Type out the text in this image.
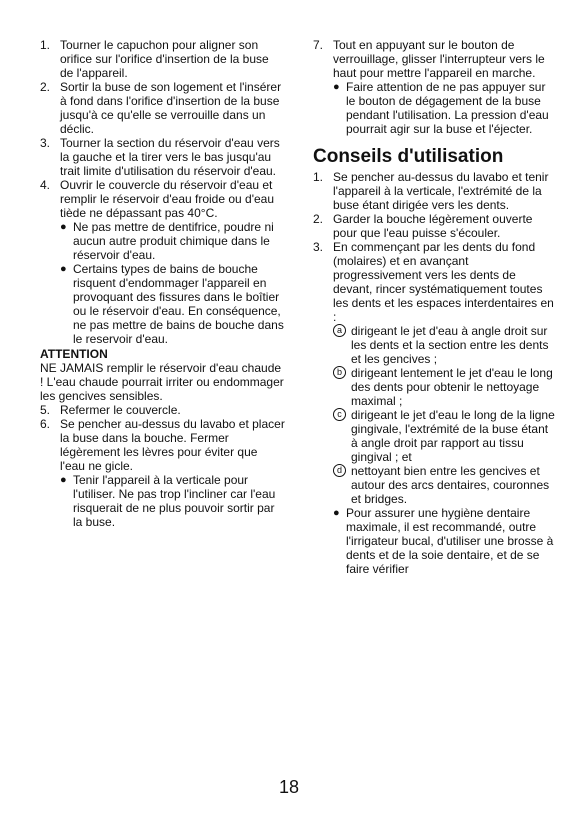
1. Tourner le capuchon pour aligner son orifice sur l'orifice d'insertion de la buse de l'appareil.
2. Sortir la buse de son logement et l'insérer à fond dans l'orifice d'insertion de la buse jusqu'à ce qu'elle se verrouille dans un déclic.
3. Tourner la section du réservoir d'eau vers la gauche et la tirer vers le bas jusqu'au trait limite d'utilisation du réservoir d'eau.
4. Ouvrir le couvercle du réservoir d'eau et remplir le réservoir d'eau froide ou d'eau tiède ne dépassant pas 40°C.
● Ne pas mettre de dentifrice, poudre ni aucun autre produit chimique dans le réservoir d'eau.
● Certains types de bains de bouche risquent d'endommager l'appareil en provoquant des fissures dans le boîtier ou le réservoir d'eau. En conséquence, ne pas mettre de bains de bouche dans le reservoir d'eau.
ATTENTION
NE JAMAIS remplir le réservoir d'eau chaude ! L'eau chaude pourrait irriter ou endommager les gencives sensibles.
5. Refermer le couvercle.
6. Se pencher au-dessus du lavabo et placer la buse dans la bouche. Fermer légèrement les lèvres pour éviter que l'eau ne gicle.
● Tenir l'appareil à la verticale pour l'utiliser. Ne pas trop l'incliner car l'eau risquerait de ne plus pouvoir sortir par la buse.
7. Tout en appuyant sur le bouton de verrouillage, glisser l'interrupteur vers le haut pour mettre l'appareil en marche.
● Faire attention de ne pas appuyer sur le bouton de dégagement de la buse pendant l'utilisation. La pression d'eau pourrait agir sur la buse et l'éjecter.
Conseils d'utilisation
1. Se pencher au-dessus du lavabo et tenir l'appareil à la verticale, l'extrémité de la buse étant dirigée vers les dents.
2. Garder la bouche légèrement ouverte pour que l'eau puisse s'écouler.
3. En commençant par les dents du fond (molaires) et en avançant progressivement vers les dents de devant, rincer systématiquement toutes les dents et les espaces interdentaires en :
a dirigeant le jet d'eau à angle droit sur les dents et la section entre les dents et les gencives ;
b dirigeant lentement le jet d'eau le long des dents pour obtenir le nettoyage maximal ;
c dirigeant le jet d'eau le long de la ligne gingivale, l'extrémité de la buse étant à angle droit par rapport au tissu gingival ; et
d nettoyant bien entre les gencives et autour des arcs dentaires, couronnes et bridges.
● Pour assurer une hygiène dentaire maximale, il est recommandé, outre l'irrigateur bucal, d'utiliser une brosse à dents et de la soie dentaire, et de se faire vérifier
18
